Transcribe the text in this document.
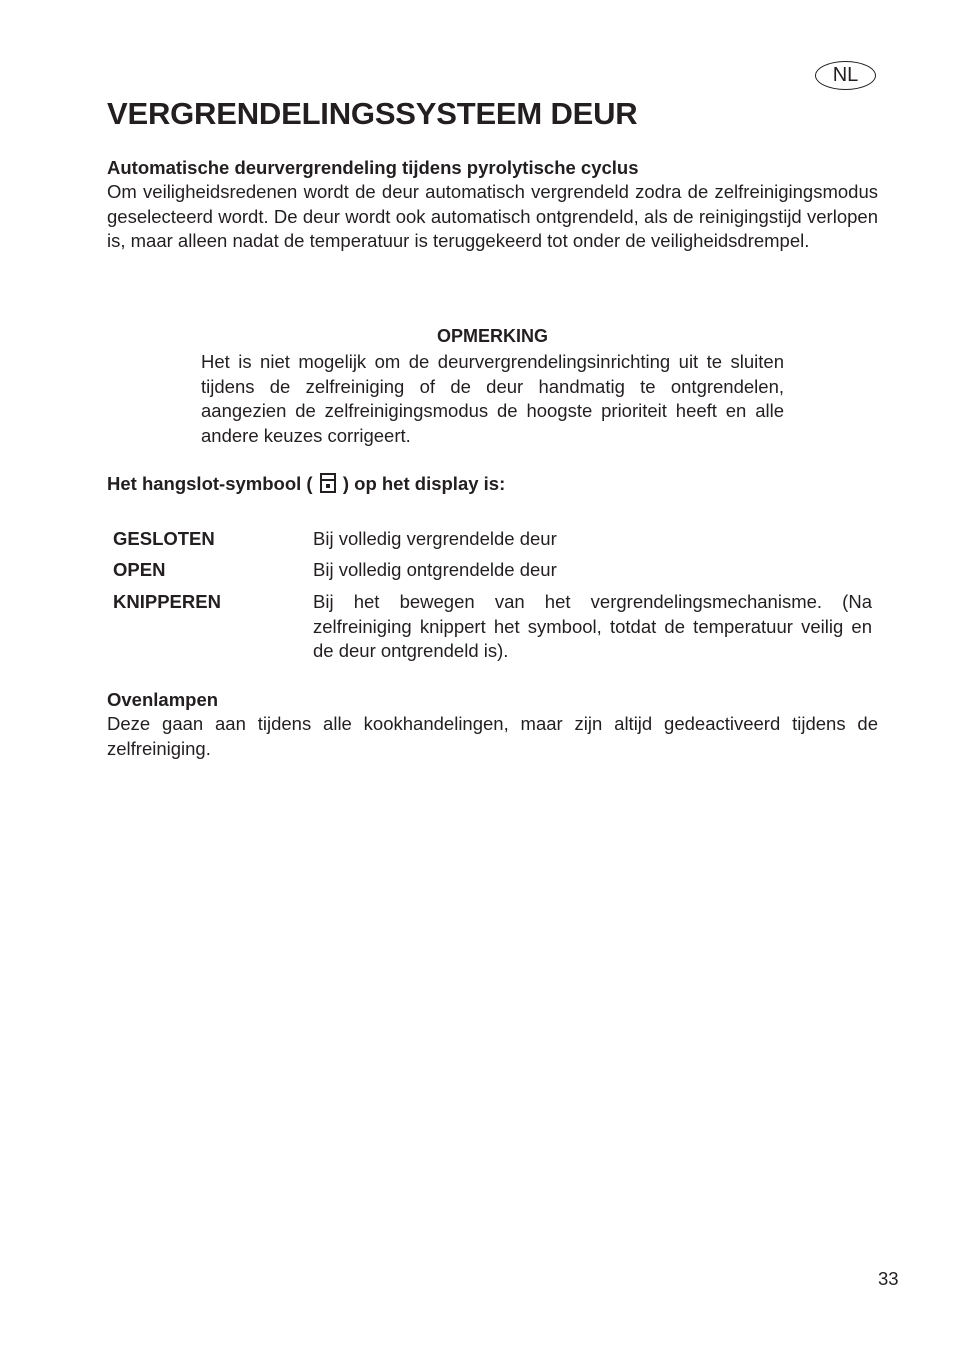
NL
VERGRENDELINGSSYSTEEM DEUR
Automatische deurvergrendeling tijdens pyrolytische cyclus
Om veiligheidsredenen wordt de deur automatisch vergrendeld zodra de zelfreinigingsmodus geselecteerd wordt. De deur wordt ook automatisch ontgrendeld, als de reinigingstijd verlopen is, maar alleen nadat de temperatuur is teruggekeerd tot onder de veiligheidsdrempel.
OPMERKING
Het is niet mogelijk om de deurvergrendelingsinrichting uit te sluiten tijdens de zelfreiniging of de deur handmatig te ontgrendelen, aangezien de zelfreinigingsmodus de hoogste prioriteit heeft en alle andere keuzes corrigeert.
Het hangslot-symbool ( ) op het display is:
GESLOTEN	Bij volledig vergrendelde deur
OPEN	Bij volledig ontgrendelde deur
KNIPPEREN	Bij het bewegen van het vergrendelingsmechanisme. (Na zelfreiniging knippert het symbool, totdat de temperatuur veilig en de deur ontgrendeld is).
Ovenlampen
Deze gaan aan tijdens alle kookhandelingen, maar zijn altijd gedeactiveerd tijdens de zelfreiniging.
33
